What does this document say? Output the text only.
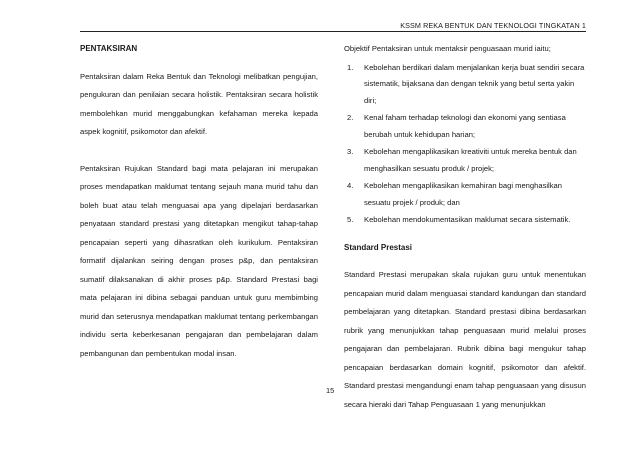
KSSM REKA BENTUK DAN TEKNOLOGI TINGKATAN 1
PENTAKSIRAN

Pentaksiran dalam Reka Bentuk dan Teknologi melibatkan pengujian, pengukuran dan penilaian secara holistik. Pentaksiran secara holistik membolehkan murid menggabungkan kefahaman mereka kepada aspek kognitif, psikomotor dan afektif.

Pentaksiran Rujukan Standard bagi mata pelajaran ini merupakan proses mendapatkan maklumat tentang sejauh mana murid tahu dan boleh buat atau telah menguasai apa yang dipelajari berdasarkan penyataan standard prestasi yang ditetapkan mengikut tahap-tahap pencapaian seperti yang dihasratkan oleh kurikulum. Pentaksiran formatif dijalankan seiring dengan proses p&p, dan pentaksiran sumatif dilaksanakan di akhir proses p&p. Standard Prestasi bagi mata pelajaran ini dibina sebagai panduan untuk guru membimbing murid dan seterusnya mendapatkan maklumat tentang perkembangan individu serta keberkesanan pengajaran dan pembelajaran dalam pembangunan dan pembentukan modal insan.

Objektif Pentaksiran untuk mentaksir penguasaan murid iaitu;

1.	Kebolehan berdikari dalam menjalankan kerja buat sendiri secara sistematik, bijaksana dan dengan teknik yang betul serta yakin diri;
2.	Kenal faham terhadap teknologi dan ekonomi yang sentiasa berubah untuk kehidupan harian;
3.	Kebolehan mengaplikasikan kreativiti untuk mereka bentuk dan menghasilkan sesuatu produk / projek;
4.	Kebolehan mengaplikasikan kemahiran bagi menghasilkan sesuatu projek / produk; dan
5.	Kebolehan mendokumentasikan maklumat secara sistematik.
Standard Prestasi

Standard Prestasi merupakan skala rujukan guru untuk menentukan pencapaian murid dalam menguasai standard kandungan dan standard pembelajaran yang ditetapkan. Standard prestasi dibina berdasarkan rubrik yang menunjukkan tahap penguasaan murid melalui proses pengajaran dan pembelajaran. Rubrik dibina bagi mengukur tahap pencapaian berdasarkan domain kognitif, psikomotor dan afektif. Standard prestasi mengandungi enam tahap penguasaan yang disusun secara hieraki dari Tahap Penguasaan 1 yang menunjukkan

15
